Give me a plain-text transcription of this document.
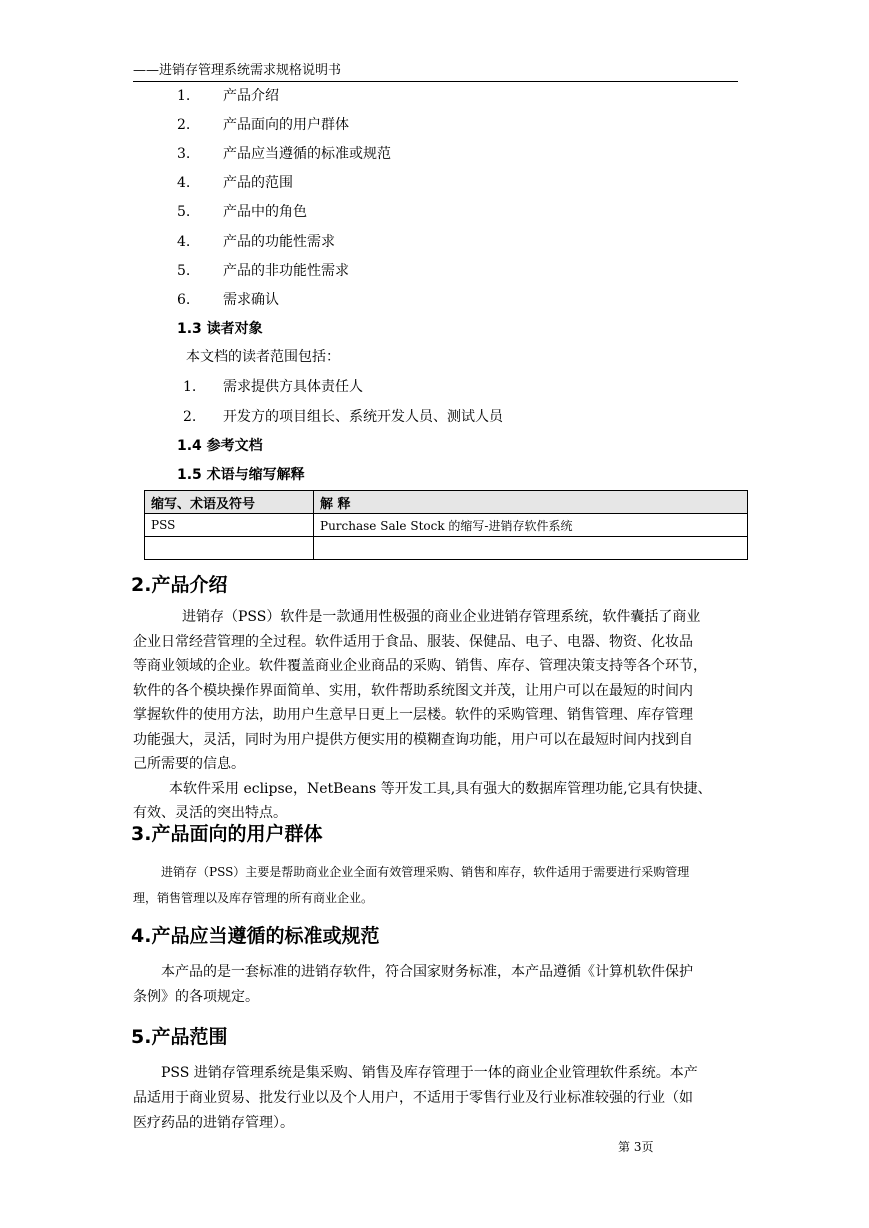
——进销存管理系统需求规格说明书
1. 产品介绍
2. 产品面向的用户群体
3. 产品应当遵循的标准或规范
4. 产品的范围
5. 产品中的角色
4. 产品的功能性需求
5. 产品的非功能性需求
6. 需求确认
1.3 读者对象
本文档的读者范围包括：
1. 需求提供方具体责任人
2. 开发方的项目组长、系统开发人员、测试人员
1.4 参考文档
1.5 术语与缩写解释
缩写、术语及符号	解 释
PSS	Purchase Sale Stock 的缩写-进销存软件系统

2.产品介绍
进销存（PSS）软件是一款通用性极强的商业企业进销存管理系统，软件囊括了商业
企业日常经营管理的全过程。软件适用于食品、服装、保健品、电子、电器、物资、化妆品
等商业领域的企业。软件覆盖商业企业商品的采购、销售、库存、管理决策支持等各个环节，
软件的各个模块操作界面简单、实用，软件帮助系统图文并茂，让用户可以在最短的时间内
掌握软件的使用方法，助用户生意早日更上一层楼。软件的采购管理、销售管理、库存管理
功能强大，灵活，同时为用户提供方便实用的模糊查询功能，用户可以在最短时间内找到自
己所需要的信息。
本软件采用 eclipse，NetBeans 等开发工具,具有强大的数据库管理功能,它具有快捷、
有效、灵活的突出特点。
3.产品面向的用户群体
进销存（PSS）主要是帮助商业企业全面有效管理采购、销售和库存，软件适用于需要进行采购管理
理，销售管理以及库存管理的所有商业企业。
4.产品应当遵循的标准或规范
本产品的是一套标准的进销存软件，符合国家财务标准，本产品遵循《计算机软件保护
条例》的各项规定。
5.产品范围
PSS 进销存管理系统是集采购、销售及库存管理于一体的商业企业管理软件系统。本产
品适用于商业贸易、批发行业以及个人用户，不适用于零售行业及行业标准较强的行业（如
医疗药品的进销存管理）。
第 3页
